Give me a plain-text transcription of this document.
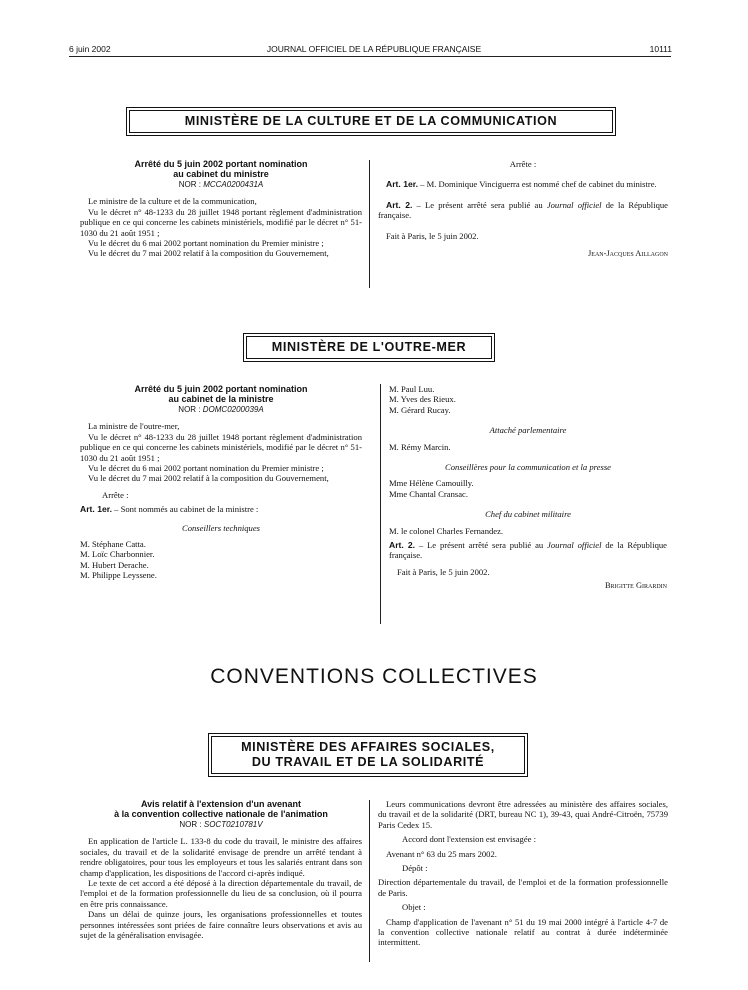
6 juin 2002	JOURNAL OFFICIEL DE LA RÉPUBLIQUE FRANÇAISE	10111
MINISTÈRE DE LA CULTURE ET DE LA COMMUNICATION
Arrêté du 5 juin 2002 portant nomination
au cabinet du ministre
NOR : MCCA0200431A

Le ministre de la culture et de la communication,

Vu le décret n° 48-1233 du 28 juillet 1948 portant règlement d'administration publique en ce qui concerne les cabinets ministériels, modifié par le décret n° 51-1030 du 21 août 1951 ;

Vu le décret du 6 mai 2002 portant nomination du Premier ministre ;

Vu le décret du 7 mai 2002 relatif à la composition du Gouvernement,

Arrête :

Art. 1er. – M. Dominique Vinciguerra est nommé chef de cabinet du ministre.

Art. 2. – Le présent arrêté sera publié au Journal officiel de la République française.

Fait à Paris, le 5 juin 2002.

Jean-Jacques Aillagon

MINISTÈRE DE L'OUTRE-MER
Arrêté du 5 juin 2002 portant nomination
au cabinet de la ministre
NOR : DOMC0200039A

La ministre de l'outre-mer,

Vu le décret n° 48-1233 du 28 juillet 1948 portant règlement d'administration publique en ce qui concerne les cabinets ministériels, modifié par le décret n° 51-1030 du 21 août 1951 ;

Vu le décret du 6 mai 2002 portant nomination du Premier ministre ;

Vu le décret du 7 mai 2002 relatif à la composition du Gouvernement,

Arrête :

Art. 1er. – Sont nommés au cabinet de la ministre :

Conseillers techniques

M. Stéphane Catta.

M. Loïc Charbonnier.

M. Hubert Derache.

M. Philippe Leyssene.

M. Paul Luu.

M. Yves des Rieux.

M. Gérard Rucay.

Attaché parlementaire

M. Rémy Marcin.

Conseillères pour la communication et la presse

Mme Hélène Camouilly.

Mme Chantal Cransac.

Chef du cabinet militaire

M. le colonel Charles Fernandez.

Art. 2. – Le présent arrêté sera publié au Journal officiel de la République française.

Fait à Paris, le 5 juin 2002.

Brigitte Girardin

CONVENTIONS COLLECTIVES
MINISTÈRE DES AFFAIRES SOCIALES,
DU TRAVAIL ET DE LA SOLIDARITÉ
Avis relatif à l'extension d'un avenant
à la convention collective nationale de l'animation
NOR : SOCT0210781V

En application de l'article L. 133-8 du code du travail, le ministre des affaires sociales, du travail et de la solidarité envisage de prendre un arrêté tendant à rendre obligatoires, pour tous les employeurs et tous les salariés entrant dans son champ d'application, les dispositions de l'accord ci-après indiqué.

Le texte de cet accord a été déposé à la direction départementale du travail, de l'emploi et de la formation professionnelle du lieu de sa conclusion, où il pourra en être pris connaissance.

Dans un délai de quinze jours, les organisations professionnelles et toutes personnes intéressées sont priées de faire connaître leurs observations et avis au sujet de la généralisation envisagée.

Leurs communications devront être adressées au ministère des affaires sociales, du travail et de la solidarité (DRT, bureau NC 1), 39-43, quai André-Citroën, 75739 Paris Cedex 15.

Accord dont l'extension est envisagée :

Avenant n° 63 du 25 mars 2002.

Dépôt :

Direction départementale du travail, de l'emploi et de la formation professionnelle de Paris.

Objet :

Champ d'application de l'avenant n° 51 du 19 mai 2000 intégré à l'article 4-7 de la convention collective nationale relatif au contrat à durée indéterminée intermittent.
